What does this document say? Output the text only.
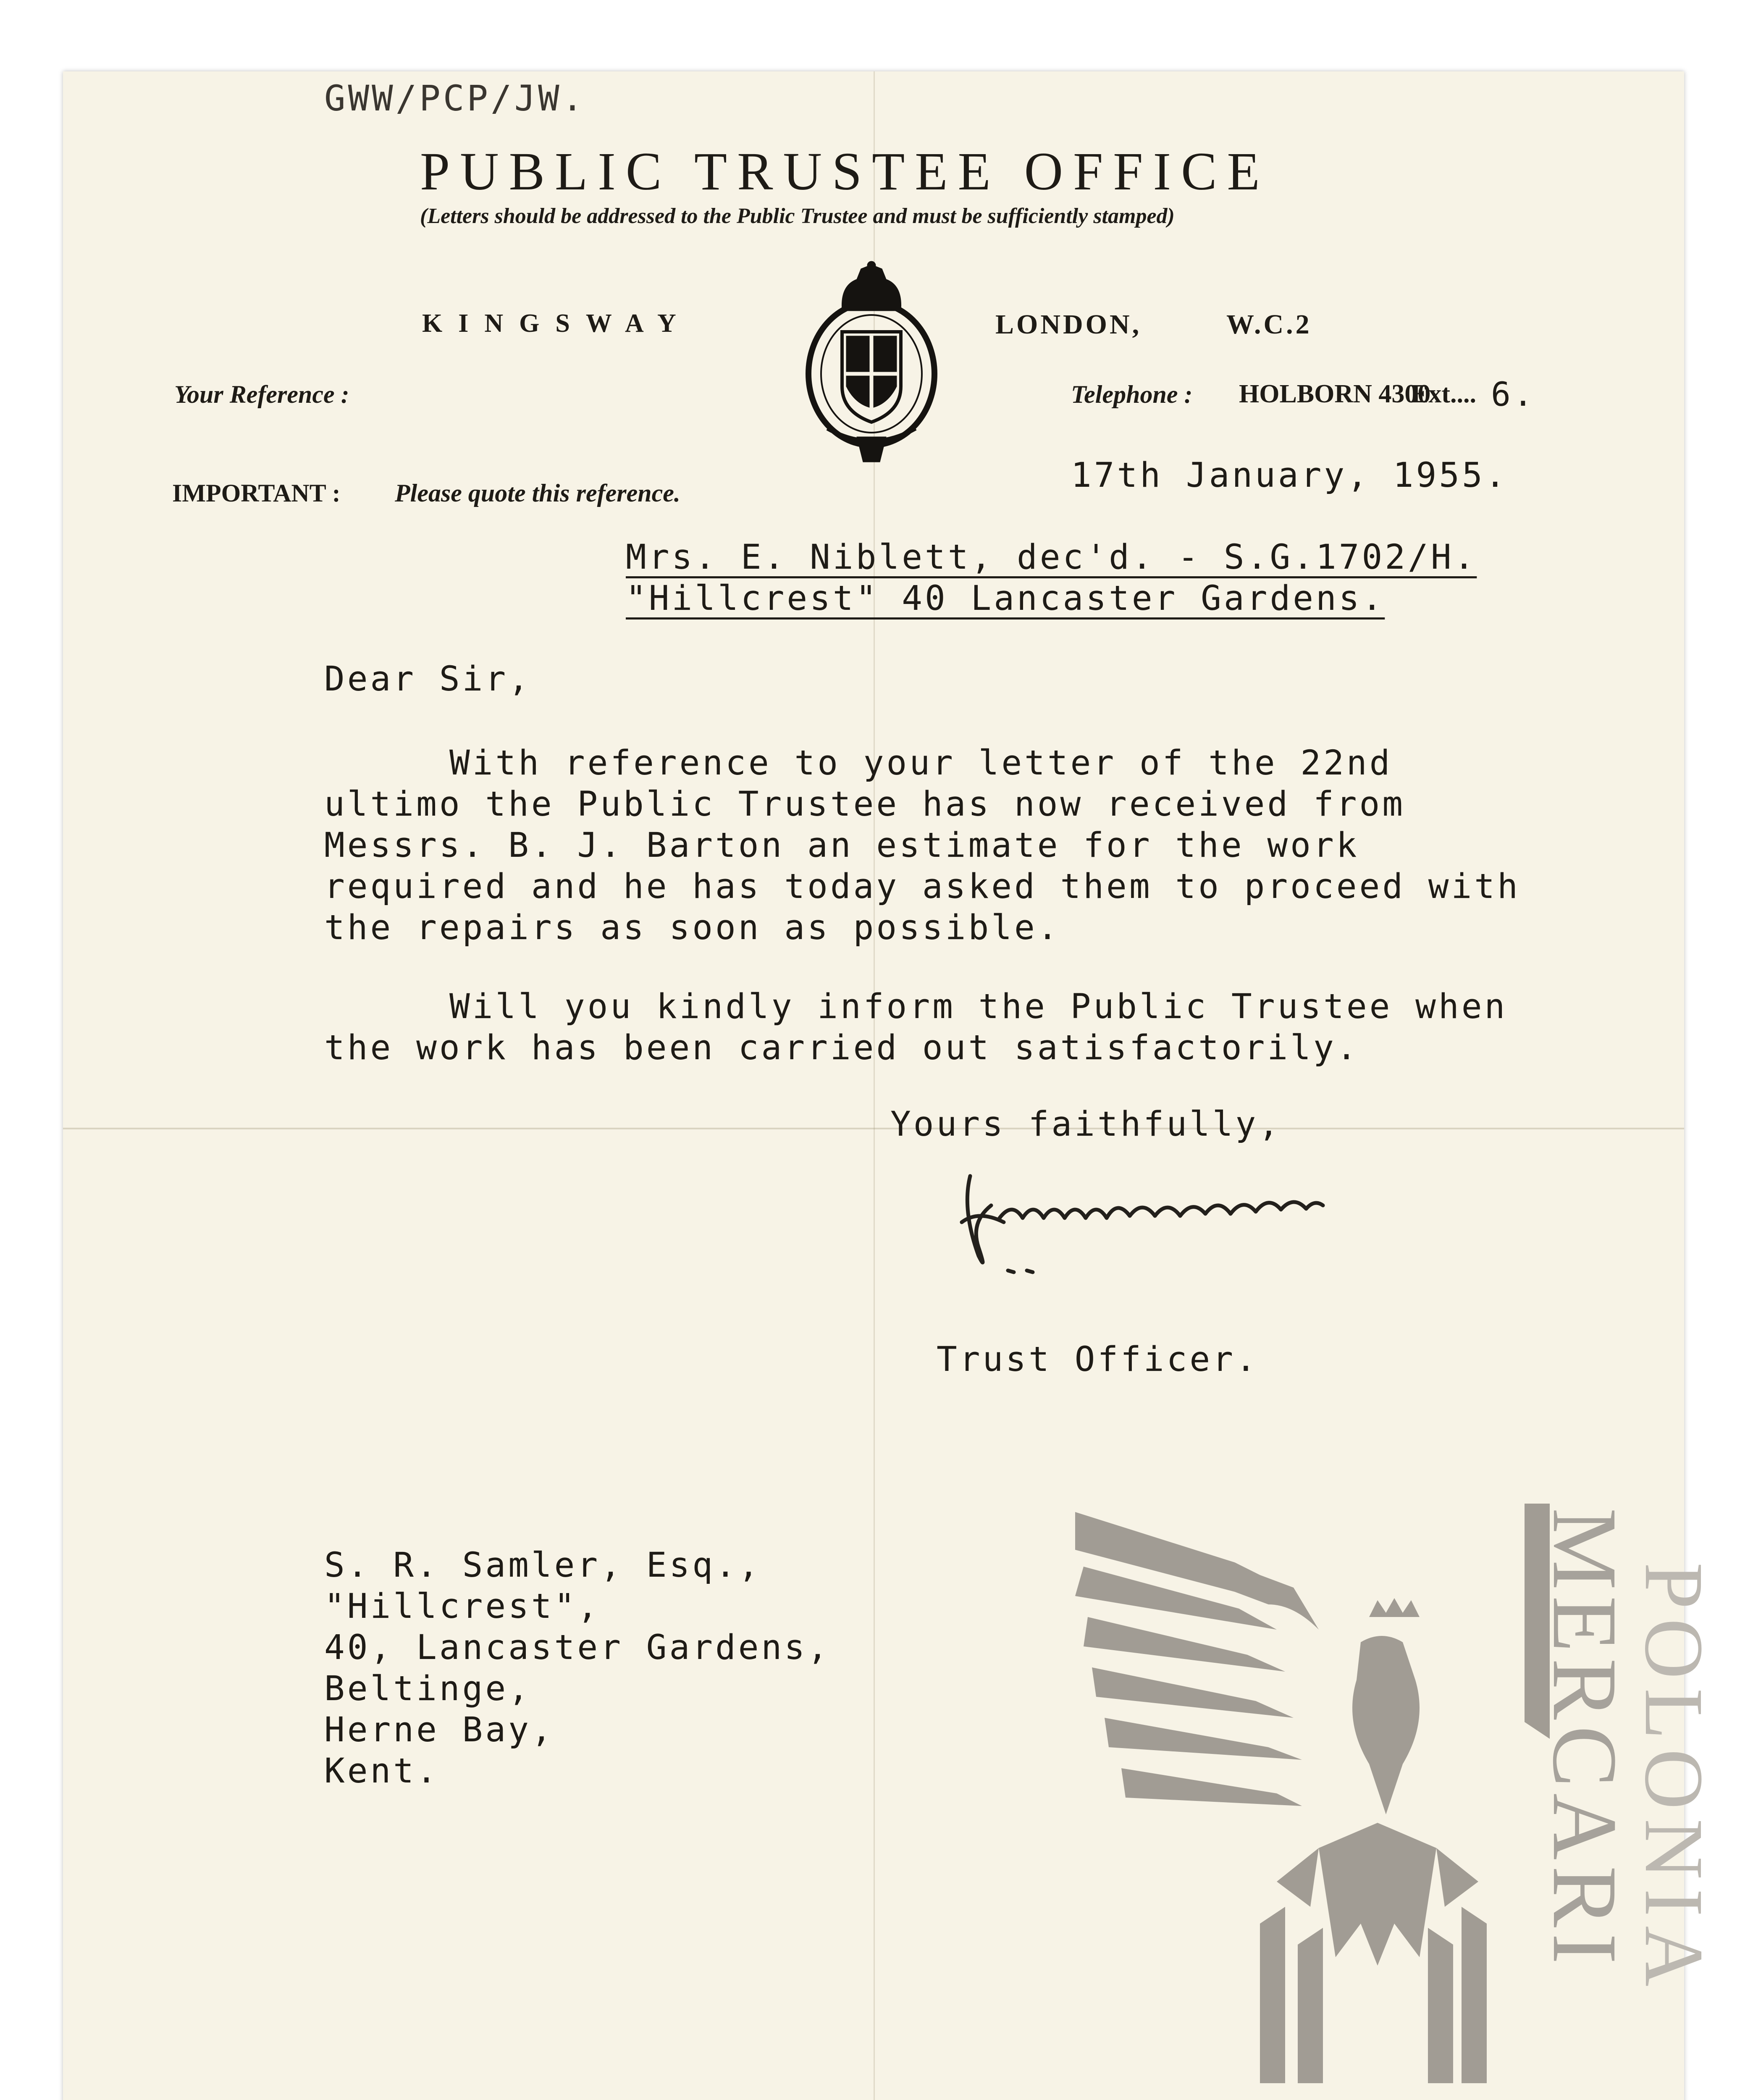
GWW/PCP/JW.
PUBLIC TRUSTEE OFFICE
(Letters should be addressed to the Public Trustee and must be sufficiently stamped)
KINGSWAY	LONDON,	W.C.2
Your Reference :	Telephone : HOLBORN 4300
Ext.... 6.
IMPORTANT : Please quote this reference.	17th January, 1955.
Mrs. E. Niblett, dec'd. - S.G.1702/H.
"Hillcrest" 40 Lancaster Gardens.
Dear Sir,
With reference to your letter of the 22nd
ultimo the Public Trustee has now received from
Messrs. B. J. Barton an estimate for the work
required and he has today asked them to proceed with
the repairs as soon as possible.
Will you kindly inform the Public Trustee when
the work has been carried out satisfactorily.
Yours faithfully,
Trust Officer.
S. R. Samler, Esq.,
"Hillcrest",
40, Lancaster Gardens,
Beltinge,
Herne Bay,
Kent.	MERCARI
POLONIA
